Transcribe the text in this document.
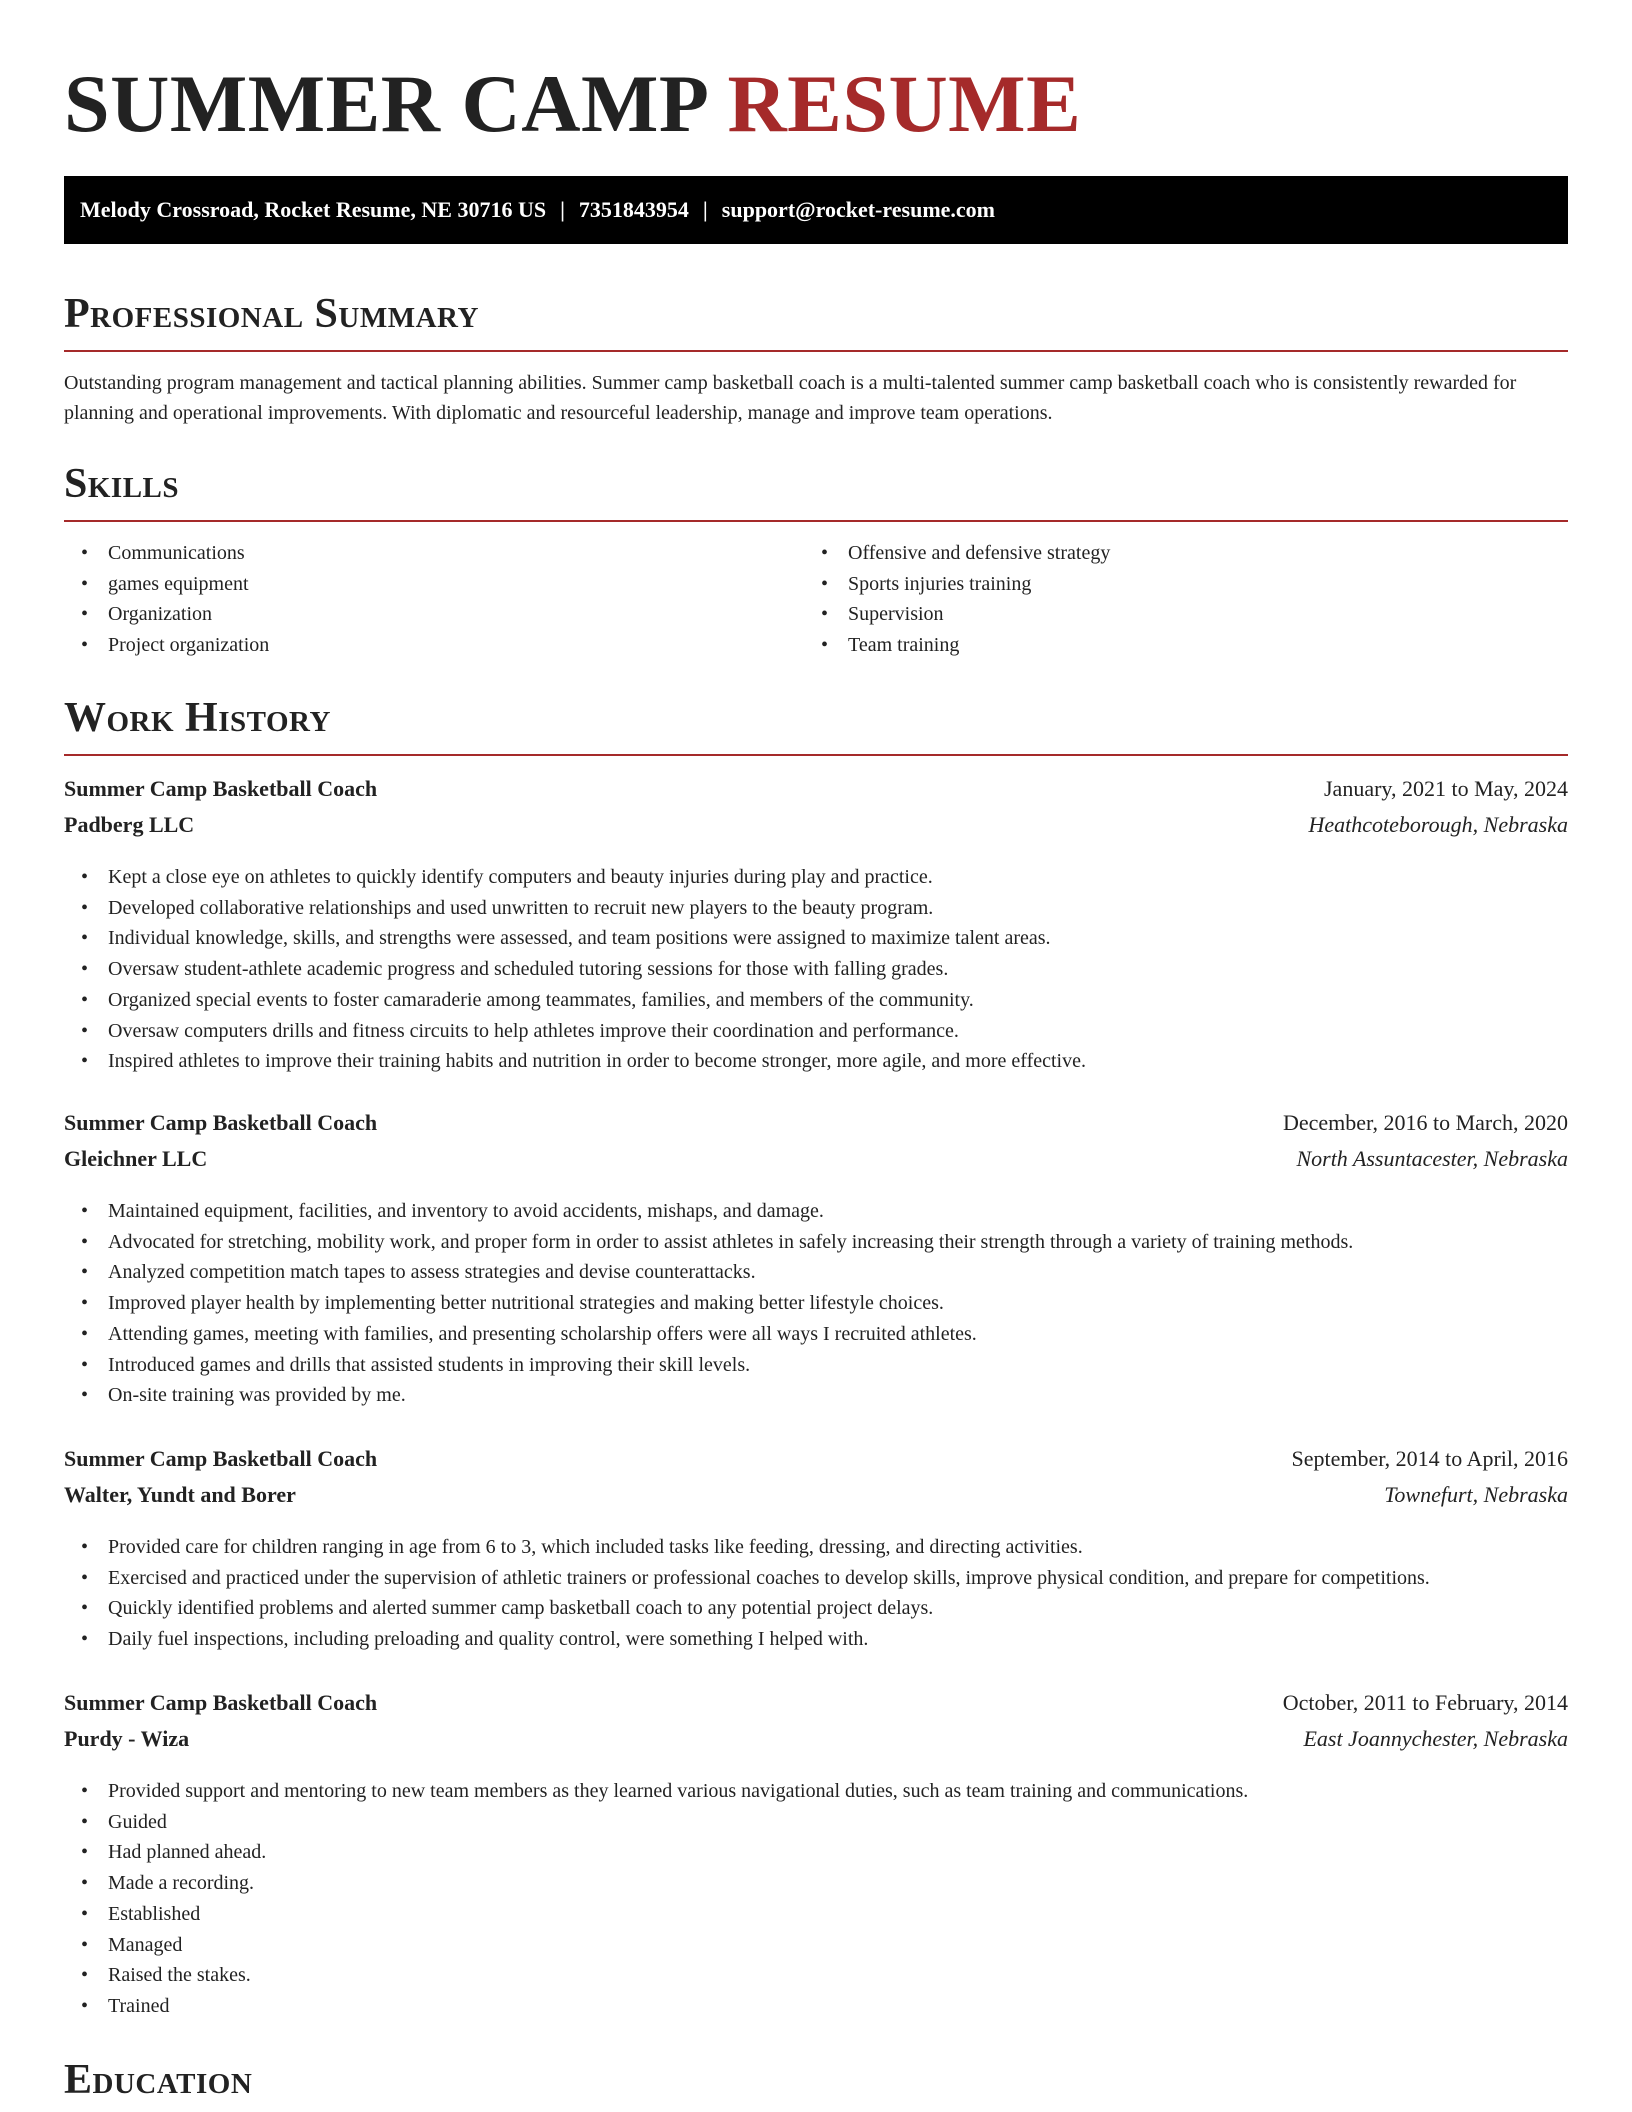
SUMMER CAMP RESUME
Melody Crossroad, Rocket Resume, NE 30716 US | 7351843954 | support@rocket-resume.com
Professional Summary

Outstanding program management and tactical planning abilities. Summer camp basketball coach is a multi-talented summer camp basketball coach who is consistently rewarded for planning and operational improvements. With diplomatic and resourceful leadership, manage and improve team operations.

Skills
• Communications
• games equipment
• Organization
• Project organization
• Offensive and defensive strategy
• Sports injuries training
• Supervision
• Team training
Work History
Summer Camp Basketball Coach	January, 2021 to May, 2024
Padberg LLC	Heathcoteborough, Nebraska
• Kept a close eye on athletes to quickly identify computers and beauty injuries during play and practice.
• Developed collaborative relationships and used unwritten to recruit new players to the beauty program.
• Individual knowledge, skills, and strengths were assessed, and team positions were assigned to maximize talent areas.
• Oversaw student-athlete academic progress and scheduled tutoring sessions for those with falling grades.
• Organized special events to foster camaraderie among teammates, families, and members of the community.
• Oversaw computers drills and fitness circuits to help athletes improve their coordination and performance.
• Inspired athletes to improve their training habits and nutrition in order to become stronger, more agile, and more effective.
Summer Camp Basketball Coach	December, 2016 to March, 2020
Gleichner LLC	North Assuntacester, Nebraska
• Maintained equipment, facilities, and inventory to avoid accidents, mishaps, and damage.
• Advocated for stretching, mobility work, and proper form in order to assist athletes in safely increasing their strength through a variety of training methods.
• Analyzed competition match tapes to assess strategies and devise counterattacks.
• Improved player health by implementing better nutritional strategies and making better lifestyle choices.
• Attending games, meeting with families, and presenting scholarship offers were all ways I recruited athletes.
• Introduced games and drills that assisted students in improving their skill levels.
• On-site training was provided by me.
Summer Camp Basketball Coach	September, 2014 to April, 2016
Walter, Yundt and Borer	Townefurt, Nebraska
• Provided care for children ranging in age from 6 to 3, which included tasks like feeding, dressing, and directing activities.
• Exercised and practiced under the supervision of athletic trainers or professional coaches to develop skills, improve physical condition, and prepare for competitions.
• Quickly identified problems and alerted summer camp basketball coach to any potential project delays.
• Daily fuel inspections, including preloading and quality control, were something I helped with.
Summer Camp Basketball Coach	October, 2011 to February, 2014
Purdy - Wiza	East Joannychester, Nebraska
• Provided support and mentoring to new team members as they learned various navigational duties, such as team training and communications.
• Guided
• Had planned ahead.
• Made a recording.
• Established
• Managed
• Raised the stakes.
• Trained
Education
